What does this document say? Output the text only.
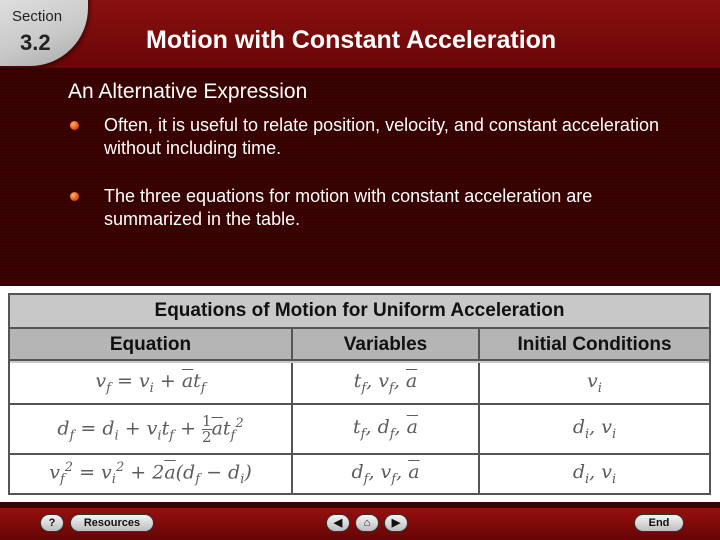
Section
3.2	Motion with Constant Acceleration
An Alternative Expression
Often, it is useful to relate position, velocity, and constant acceleration without including time.
The three equations for motion with constant acceleration are summarized in the table.
Equations of Motion for Uniform Acceleration
Equation	Variables	Initial Conditions
$v_f = v_i + \overline{a}t_f$	$t_f$, $v_f$, $\overline{a}$	$v_i$
$d_f = d_i + v_it_f + \frac{1}{2} \overline{a}t_f^2$	$t_f$, $d_f$, $\overline{a}$	$d_i$, $v_i$
$v_f^2 = v_i^2 + 2\overline{a}(d_f - d_i)$	$d_f$, $v_f$, $\overline{a}$	$d_i$, $v_i$
?	Resources	◀	⌂	▶	End
